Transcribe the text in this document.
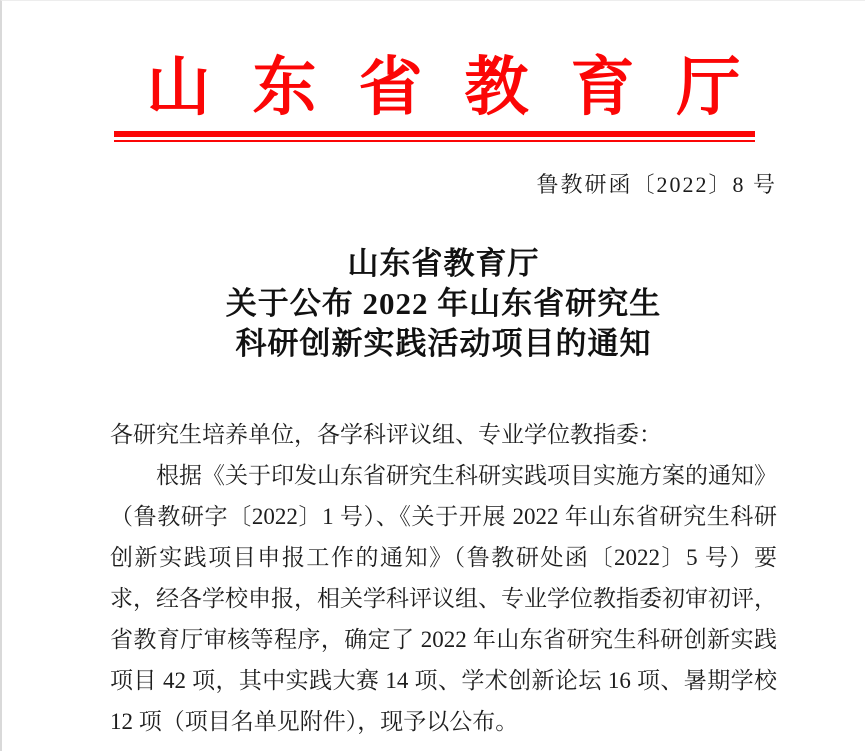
山东省教育厅
鲁教研函〔2022〕8 号
山东省教育厅
关于公布 2022 年山东省研究生
科研创新实践活动项目的通知

各研究生培养单位，各学科评议组、专业学位教指委：

根据《关于印发山东省研究生科研实践项目实施方案的通知》（鲁教研字〔2022〕1 号）、《关于开展 2022 年山东省研究生科研创新实践项目申报工作的通知》（鲁教研处函〔2022〕5 号）要求，经各学校申报，相关学科评议组、专业学位教指委初审初评，省教育厅审核等程序，确定了 2022 年山东省研究生科研创新实践项目 42 项，其中实践大赛 14 项、学术创新论坛 16 项、暑期学校 12 项（项目名单见附件），现予以公布。
